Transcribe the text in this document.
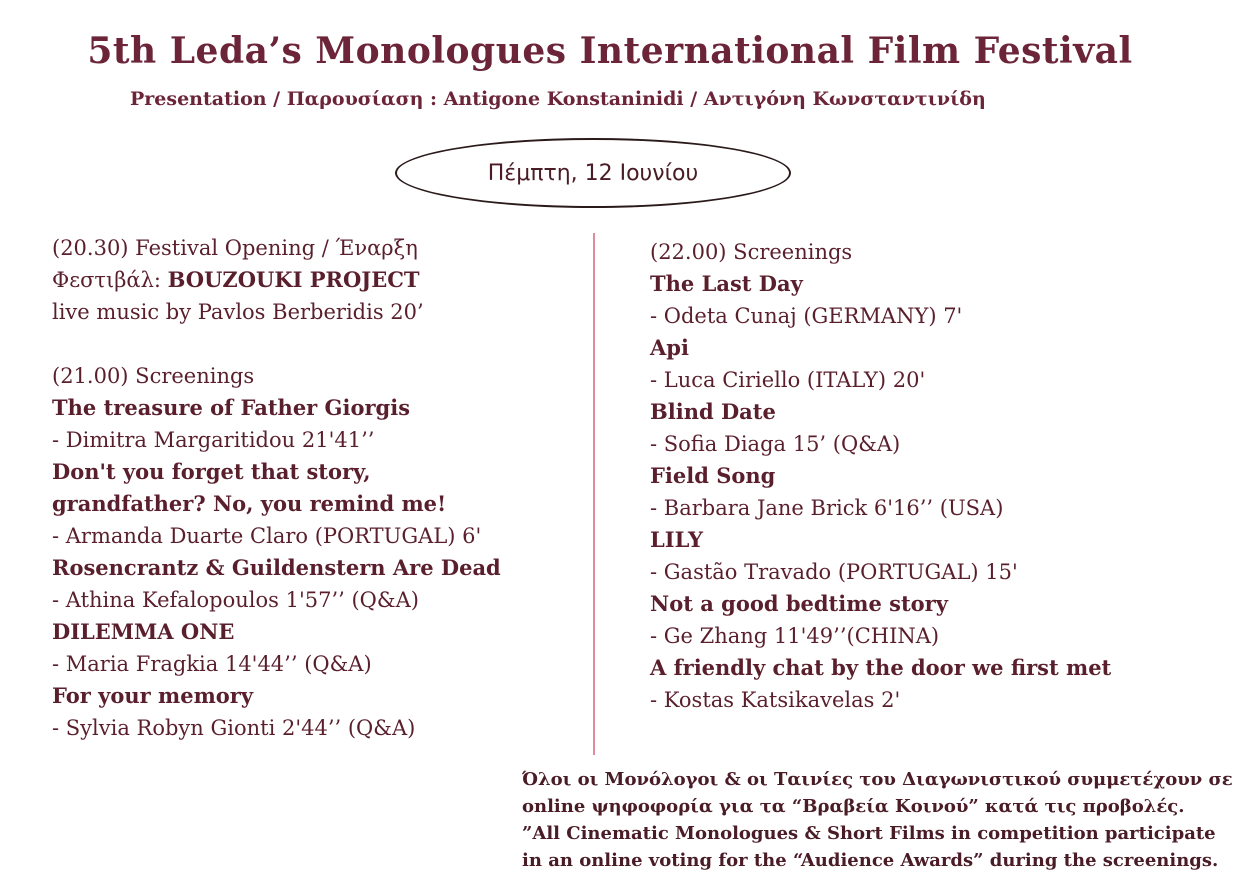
5th Leda’s Monologues International Film Festival
Presentation / Παρουσίαση : Antigone Konstaninidi / Αντιγόνη Κωνσταντινίδη
Πέμπτη, 12 Ιουνίου
(20.30) Festival Opening / Έναρξη
Φεστιβάλ: BOUZOUKI PROJECT
live music by Pavlos Berberidis 20’
(21.00) Screenings
The treasure of Father Giorgis
- Dimitra Margaritidou 21'41’’
Don't you forget that story,
grandfather? No, you remind me!
- Armanda Duarte Claro (PORTUGAL) 6'
Rosencrantz & Guildenstern Are Dead
- Athina Kefalopoulos 1'57’’ (Q&A)
DILEMMA ONE
- Maria Fragkia 14'44’’ (Q&A)
For your memory
- Sylvia Robyn Gionti 2'44’’ (Q&A)
(22.00) Screenings
The Last Day
- Odeta Cunaj (GERMANY) 7'
Api
- Luca Ciriello (ITALY) 20'
Blind Date
- Sofia Diaga 15’ (Q&A)
Field Song
- Barbara Jane Brick 6'16’’ (USA)
LILY
- Gastão Travado (PORTUGAL) 15'
Not a good bedtime story
- Ge Zhang 11'49’’(CHINA)
A friendly chat by the door we first met
- Kostas Katsikavelas 2'
Όλοι οι Μονόλογοι & οι Ταινίες του Διαγωνιστικού συμμετέχουν σε
online ψηφοφορία για τα “Βραβεία Κοινού” κατά τις προβολές.
”All Cinematic Monologues & Short Films in competition participate
in an online voting for the “Audience Awards” during the screenings.
